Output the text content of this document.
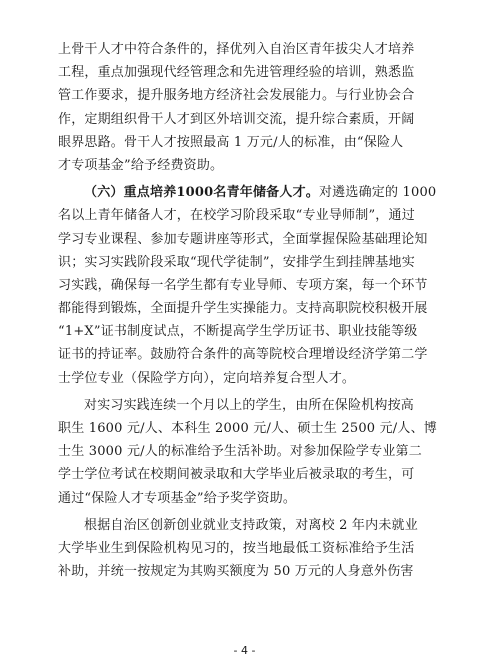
上骨干人才中符合条件的，择优列入自治区青年拔尖人才培养
工程，重点加强现代经管理念和先进管理经验的培训，熟悉监
管工作要求，提升服务地方经济社会发展能力。与行业协会合
作，定期组织骨干人才到区外培训交流，提升综合素质，开阔
眼界思路。骨干人才按照最高 1 万元/人的标准，由“保险人
才专项基金”给予经费资助。
（六）重点培养1000名青年储备人才。对遴选确定的 1000
名以上青年储备人才，在校学习阶段采取“专业导师制”，通过
学习专业课程、参加专题讲座等形式，全面掌握保险基础理论知
识；实习实践阶段采取“现代学徒制”，安排学生到挂牌基地实
习实践，确保每一名学生都有专业导师、专项方案，每一个环节
都能得到锻炼，全面提升学生实操能力。支持高职院校积极开展
“1+X”证书制度试点，不断提高学生学历证书、职业技能等级
证书的持证率。鼓励符合条件的高等院校合理增设经济学第二学
士学位专业（保险学方向），定向培养复合型人才。
对实习实践连续一个月以上的学生，由所在保险机构按高
职生 1600 元/人、本科生 2000 元/人、硕士生 2500 元/人、博
士生 3000 元/人的标准给予生活补助。对参加保险学专业第二
学士学位考试在校期间被录取和大学毕业后被录取的考生，可
通过“保险人才专项基金”给予奖学资助。
根据自治区创新创业就业支持政策，对离校 2 年内未就业
大学毕业生到保险机构见习的，按当地最低工资标准给予生活
补助，并统一按规定为其购买额度为 50 万元的人身意外伤害
- 4 -
